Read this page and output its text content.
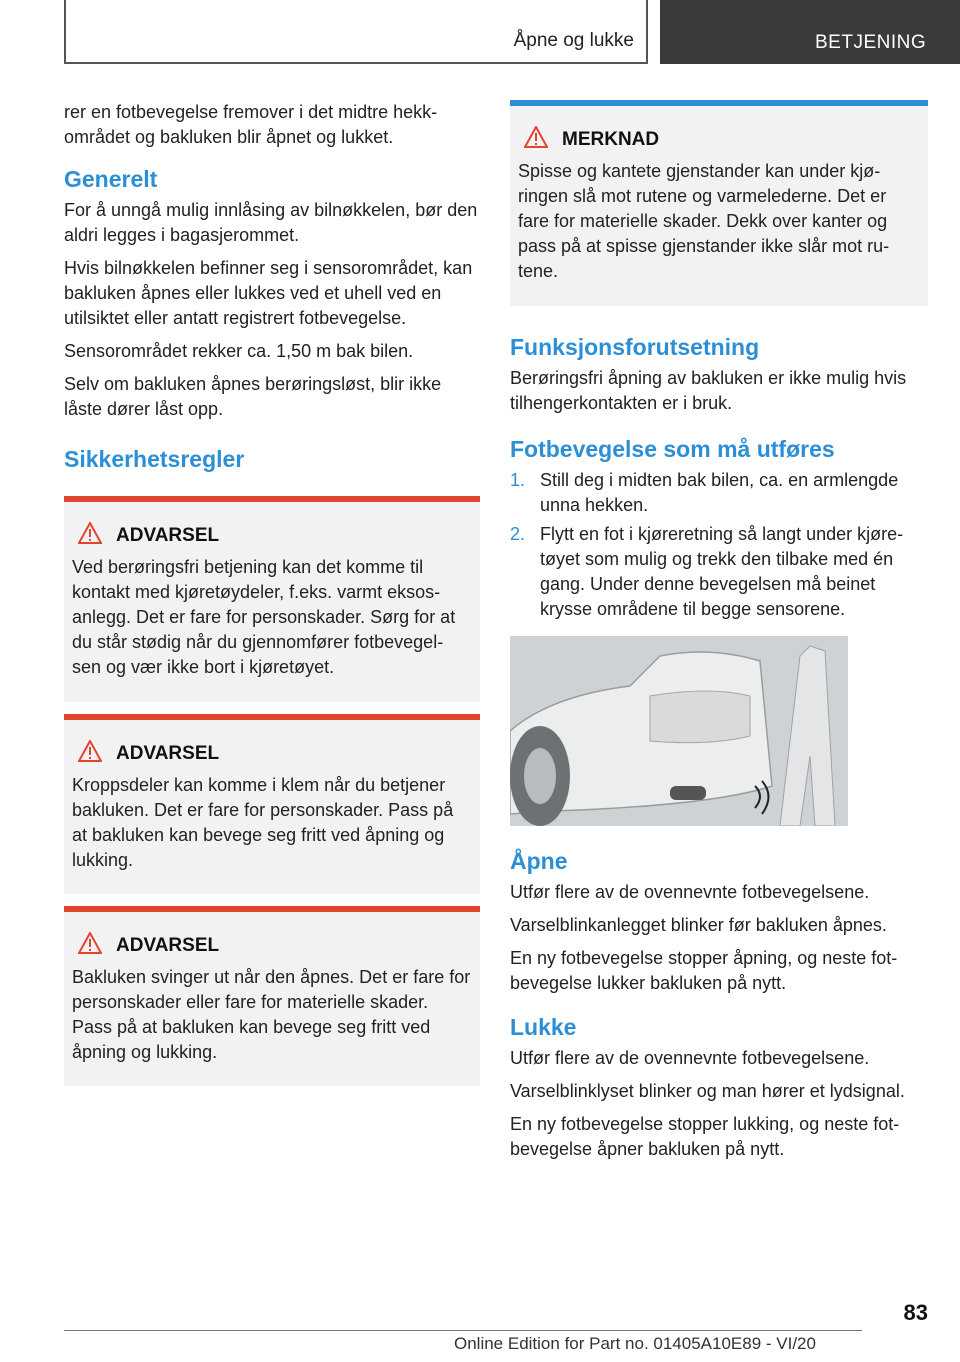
Åpne og lukke	BETJENING

rer en fotbevegelse fremover i det midtre hekk-området og bakluken blir åpnet og lukket.

Generelt

For å unngå mulig innlåsing av bilnøkkelen, bør den aldri legges i bagasjerommet.

Hvis bilnøkkelen befinner seg i sensorområdet, kan bakluken åpnes eller lukkes ved et uhell ved en utilsiktet eller antatt registrert fotbevegelse.

Sensorområdet rekker ca. 1,50 m bak bilen.

Selv om bakluken åpnes berøringsløst, blir ikke låste dører låst opp.

Sikkerhetsregler
ADVARSEL
Ved berøringsfri betjening kan det komme til kontakt med kjøretøydeler, f.eks. varmt eksos-anlegg. Det er fare for personskader. Sørg for at du står stødig når du gjennomfører fotbevegel-sen og vær ikke bort i kjøretøyet.
ADVARSEL
Kroppsdeler kan komme i klem når du betjener bakluken. Det er fare for personskader. Pass på at bakluken kan bevege seg fritt ved åpning og lukking.
ADVARSEL
Bakluken svinger ut når den åpnes. Det er fare for personskader eller fare for materielle skader. Pass på at bakluken kan bevege seg fritt ved åpning og lukking.
MERKNAD
Spisse og kantete gjenstander kan under kjø-ringen slå mot rutene og varmelederne. Det er fare for materielle skader. Dekk over kanter og pass på at spisse gjenstander ikke slår mot ru-tene.
Funksjonsforutsetning

Berøringsfri åpning av bakluken er ikke mulig hvis tilhengerkontakten er i bruk.

Fotbevegelse som må utføres
1. Still deg i midten bak bilen, ca. en armlengde unna hekken.
2. Flytt en fot i kjøreretning så langt under kjøre-tøyet som mulig og trekk den tilbake med én gang. Under denne bevegelsen må beinet krysse områdene til begge sensorene.
Åpne

Utfør flere av de ovennevnte fotbevegelsene.

Varselblinkanlegget blinker før bakluken åpnes.

En ny fotbevegelse stopper åpning, og neste fot-bevegelse lukker bakluken på nytt.

Lukke

Utfør flere av de ovennevnte fotbevegelsene.

Varselblinklyset blinker og man hører et lydsignal.

En ny fotbevegelse stopper lukking, og neste fot-bevegelse åpner bakluken på nytt.

83
Online Edition for Part no. 01405A10E89 - VI/20
